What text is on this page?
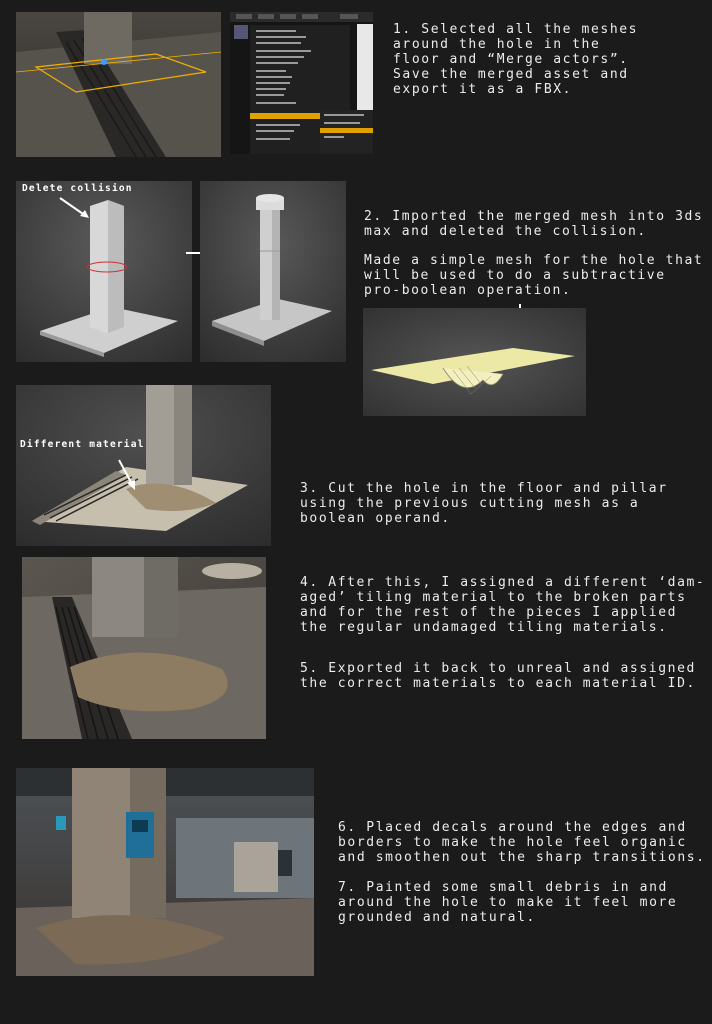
1. Selected all the meshes
around the hole in the
floor and “Merge actors”.
Save the merged asset and
export it as a FBX.
Delete collision
2. Imported the merged mesh into 3ds
max and deleted the collision.
Made a simple mesh for the hole that
will be used to do a subtractive
pro-boolean operation.
Different material
3. Cut the hole in the floor and pillar
using the previous cutting mesh as a
boolean operand.
4. After this, I assigned a different ‘dam-
aged’ tiling material to the broken parts
and for the rest of the pieces I applied
the regular undamaged tiling materials.
5. Exported it back to unreal and assigned
the correct materials to each material ID.
6. Placed decals around the edges and
borders to make the hole feel organic
and smoothen out the sharp transitions.
7. Painted some small debris in and
around the hole to make it feel more
grounded and natural.
